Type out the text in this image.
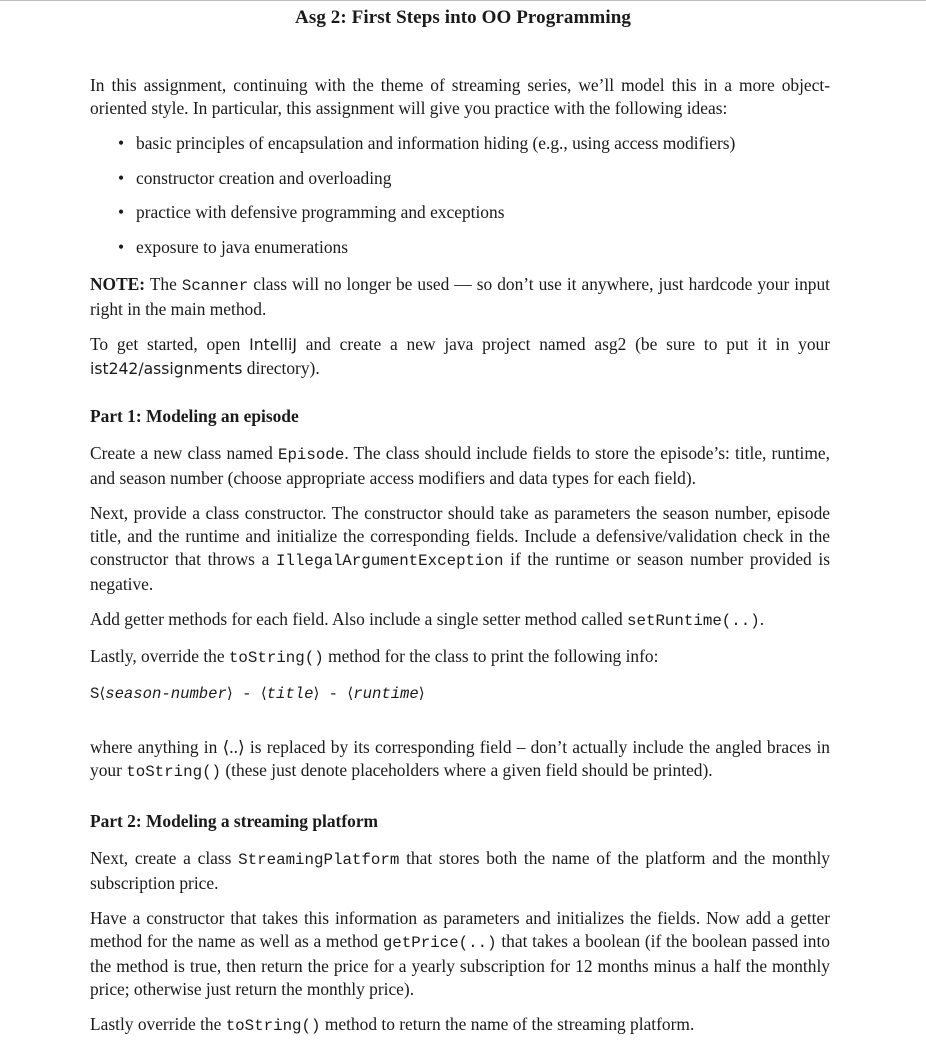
Asg 2: First Steps into OO Programming

In this assignment, continuing with the theme of streaming series, we’ll model this in a more object-oriented style. In particular, this assignment will give you practice with the following ideas:

• basic principles of encapsulation and information hiding (e.g., using access modifiers)
• constructor creation and overloading
• practice with defensive programming and exceptions
• exposure to java enumerations

NOTE: The Scanner class will no longer be used — so don’t use it anywhere, just hardcode your input right in the main method.

To get started, open IntelliJ and create a new java project named asg2 (be sure to put it in your ist242/assignments directory).

Part 1: Modeling an episode

Create a new class named Episode. The class should include fields to store the episode’s: title, runtime, and season number (choose appropriate access modifiers and data types for each field).

Next, provide a class constructor. The constructor should take as parameters the season number, episode title, and the runtime and initialize the corresponding fields. Include a defensive/validation check in the constructor that throws a IllegalArgumentException if the runtime or season number provided is negative.

Add getter methods for each field. Also include a single setter method called setRuntime(..).

Lastly, override the toString() method for the class to print the following info:

S⟨season-number⟩ - ⟨title⟩ - ⟨runtime⟩

where anything in ⟨..⟩ is replaced by its corresponding field – don’t actually include the angled braces in your toString() (these just denote placeholders where a given field should be printed).

Part 2: Modeling a streaming platform

Next, create a class StreamingPlatform that stores both the name of the platform and the monthly subscription price.

Have a constructor that takes this information as parameters and initializes the fields. Now add a getter method for the name as well as a method getPrice(..) that takes a boolean (if the boolean passed into the method is true, then return the price for a yearly subscription for 12 months minus a half the monthly price; otherwise just return the monthly price).

Lastly override the toString() method to return the name of the streaming platform.
